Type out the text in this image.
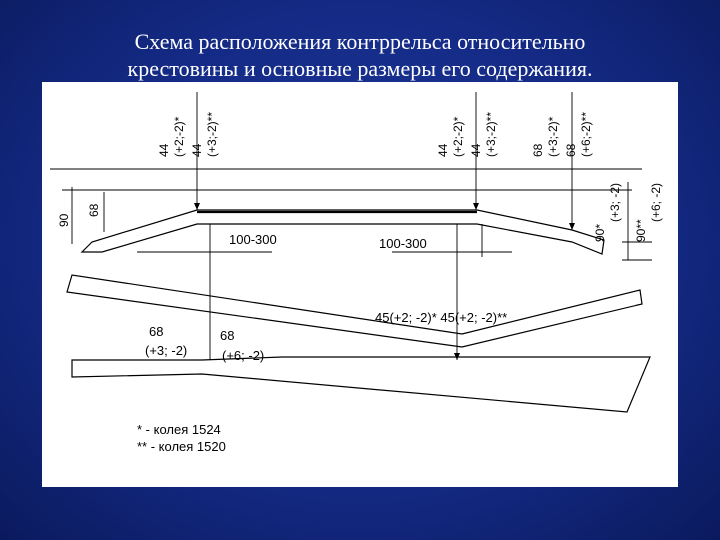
Схема расположения контррельса относительно
крестовины и основные размеры его содержания.
44 (+2;-2)* 44 (+3;-2)**	44 (+2;-2)* 44 (+3;-2)**	68 (+3;-2)* 68 (+6;-2)**
90
68
90*
(+3; -2)
90**
(+6; -2)
100-300	100-300
45(+2; -2)* 45(+2; -2)**
68
(+3; -2)
68
(+6; -2)
* - колея 1524
** - колея 1520
